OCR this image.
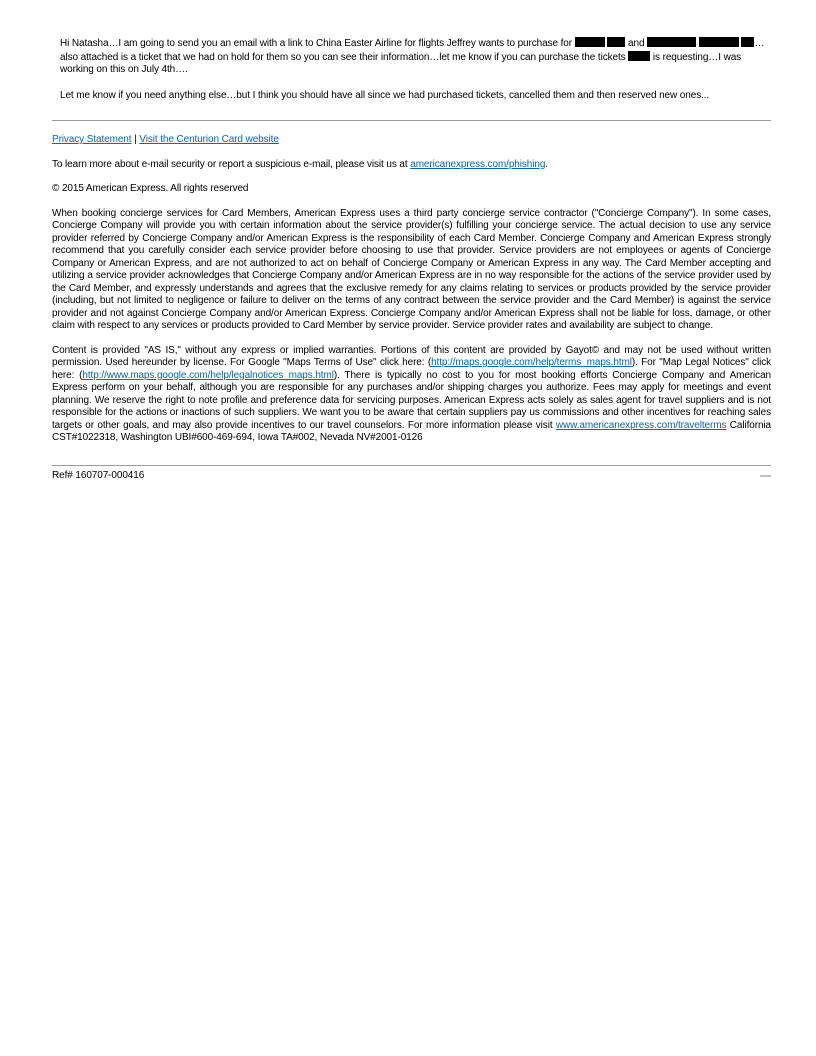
Hi Natasha…I am going to send you an email with a link to China Easter Airline for flights Jeffrey wants to purchase for	and	…also attached is a ticket that we had on hold for them so you can see their information…let me know if you can purchase the tickets  is requesting…I was working on this on July 4th….

Let me know if you need anything else…but I think you should have all since we had purchased tickets, cancelled them and then reserved new ones...

Privacy Statement | Visit the Centurion Card website

To learn more about e-mail security or report a suspicious e-mail, please visit us at americanexpress.com/phishing.

© 2015 American Express. All rights reserved

When booking concierge services for Card Members, American Express uses a third party concierge service contractor ("Concierge Company"). In some cases, Concierge Company will provide you with certain information about the service provider(s) fulfilling your concierge service. The actual decision to use any service provider referred by Concierge Company and/or American Express is the responsibility of each Card Member. Concierge Company and American Express strongly recommend that you carefully consider each service provider before choosing to use that provider. Service providers are not employees or agents of Concierge Company or American Express, and are not authorized to act on behalf of Concierge Company or American Express in any way. The Card Member accepting and utilizing a service provider acknowledges that Concierge Company and/or American Express are in no way responsible for the actions of the service provider used by the Card Member, and expressly understands and agrees that the exclusive remedy for any claims relating to services or products provided by the service provider (including, but not limited to negligence or failure to deliver on the terms of any contract between the service provider and the Card Member) is against the service provider and not against Concierge Company and/or American Express. Concierge Company and/or American Express shall not be liable for loss, damage, or other claim with respect to any services or products provided to Card Member by service provider. Service provider rates and availability are subject to change.

Content is provided "AS IS," without any express or implied warranties. Portions of this content are provided by Gayot© and may not be used without written permission. Used hereunder by license. For Google "Maps Terms of Use" click here: (http://maps.google.com/help/terms_maps.html). For "Map Legal Notices" click here: (http://www.maps.google.com/help/legalnotices_maps.html). There is typically no cost to you for most booking efforts Concierge Company and American Express perform on your behalf, although you are responsible for any purchases and/or shipping charges you authorize. Fees may apply for meetings and event planning. We reserve the right to note profile and preference data for servicing purposes. American Express acts solely as sales agent for travel suppliers and is not responsible for the actions or inactions of such suppliers. We want you to be aware that certain suppliers pay us commissions and other incentives for reaching sales targets or other goals, and may also provide incentives to our travel counselors. For more information please visit www.americanexpress.com/travelterms California CST#1022318, Washington UBI#600-469-694, Iowa TA#002, Nevada NV#2001-0126

Ref# 160707-000416
